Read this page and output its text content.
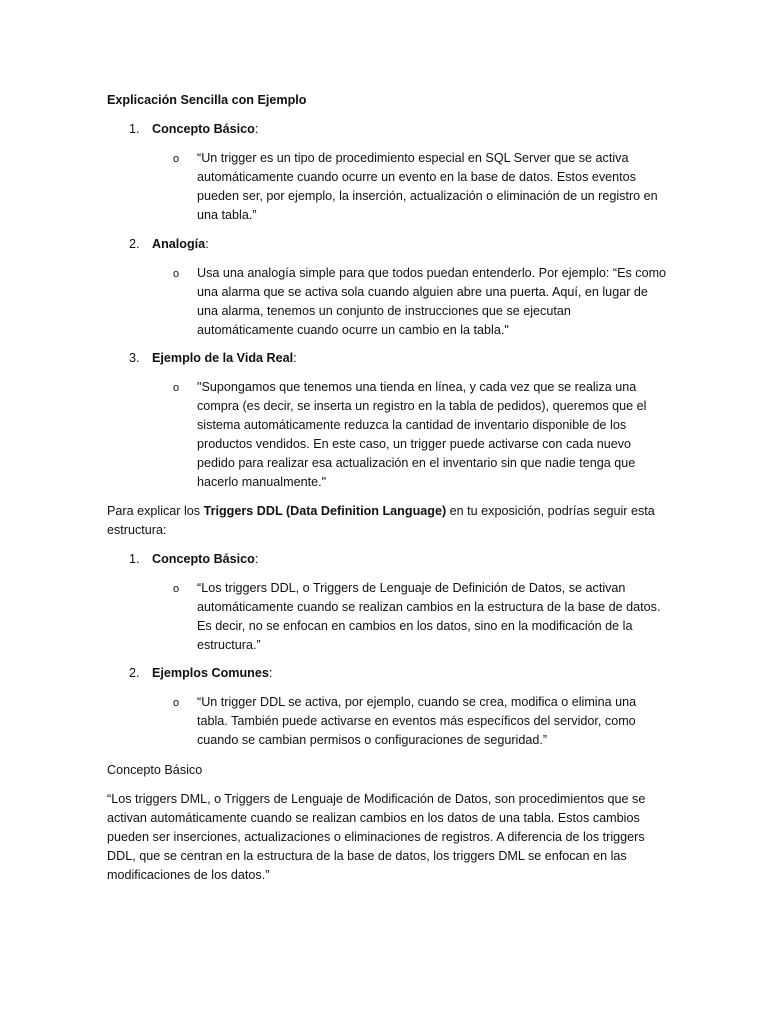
Explicación Sencilla con Ejemplo
1. Concepto Básico:
o “Un trigger es un tipo de procedimiento especial en SQL Server que se activa automáticamente cuando ocurre un evento en la base de datos. Estos eventos pueden ser, por ejemplo, la inserción, actualización o eliminación de un registro en una tabla.”
2. Analogía:
o Usa una analogía simple para que todos puedan entenderlo. Por ejemplo: “Es como una alarma que se activa sola cuando alguien abre una puerta. Aquí, en lugar de una alarma, tenemos un conjunto de instrucciones que se ejecutan automáticamente cuando ocurre un cambio en la tabla."
3. Ejemplo de la Vida Real:
o "Supongamos que tenemos una tienda en línea, y cada vez que se realiza una compra (es decir, se inserta un registro en la tabla de pedidos), queremos que el sistema automáticamente reduzca la cantidad de inventario disponible de los productos vendidos. En este caso, un trigger puede activarse con cada nuevo pedido para realizar esa actualización en el inventario sin que nadie tenga que hacerlo manualmente."
Para explicar los Triggers DDL (Data Definition Language) en tu exposición, podrías seguir esta estructura:
1. Concepto Básico:
o “Los triggers DDL, o Triggers de Lenguaje de Definición de Datos, se activan automáticamente cuando se realizan cambios en la estructura de la base de datos. Es decir, no se enfocan en cambios en los datos, sino en la modificación de la estructura.”
2. Ejemplos Comunes:
o “Un trigger DDL se activa, por ejemplo, cuando se crea, modifica o elimina una tabla. También puede activarse en eventos más específicos del servidor, como cuando se cambian permisos o configuraciones de seguridad.”
Concepto Básico
“Los triggers DML, o Triggers de Lenguaje de Modificación de Datos, son procedimientos que se activan automáticamente cuando se realizan cambios en los datos de una tabla. Estos cambios pueden ser inserciones, actualizaciones o eliminaciones de registros. A diferencia de los triggers DDL, que se centran en la estructura de la base de datos, los triggers DML se enfocan en las modificaciones de los datos.”
